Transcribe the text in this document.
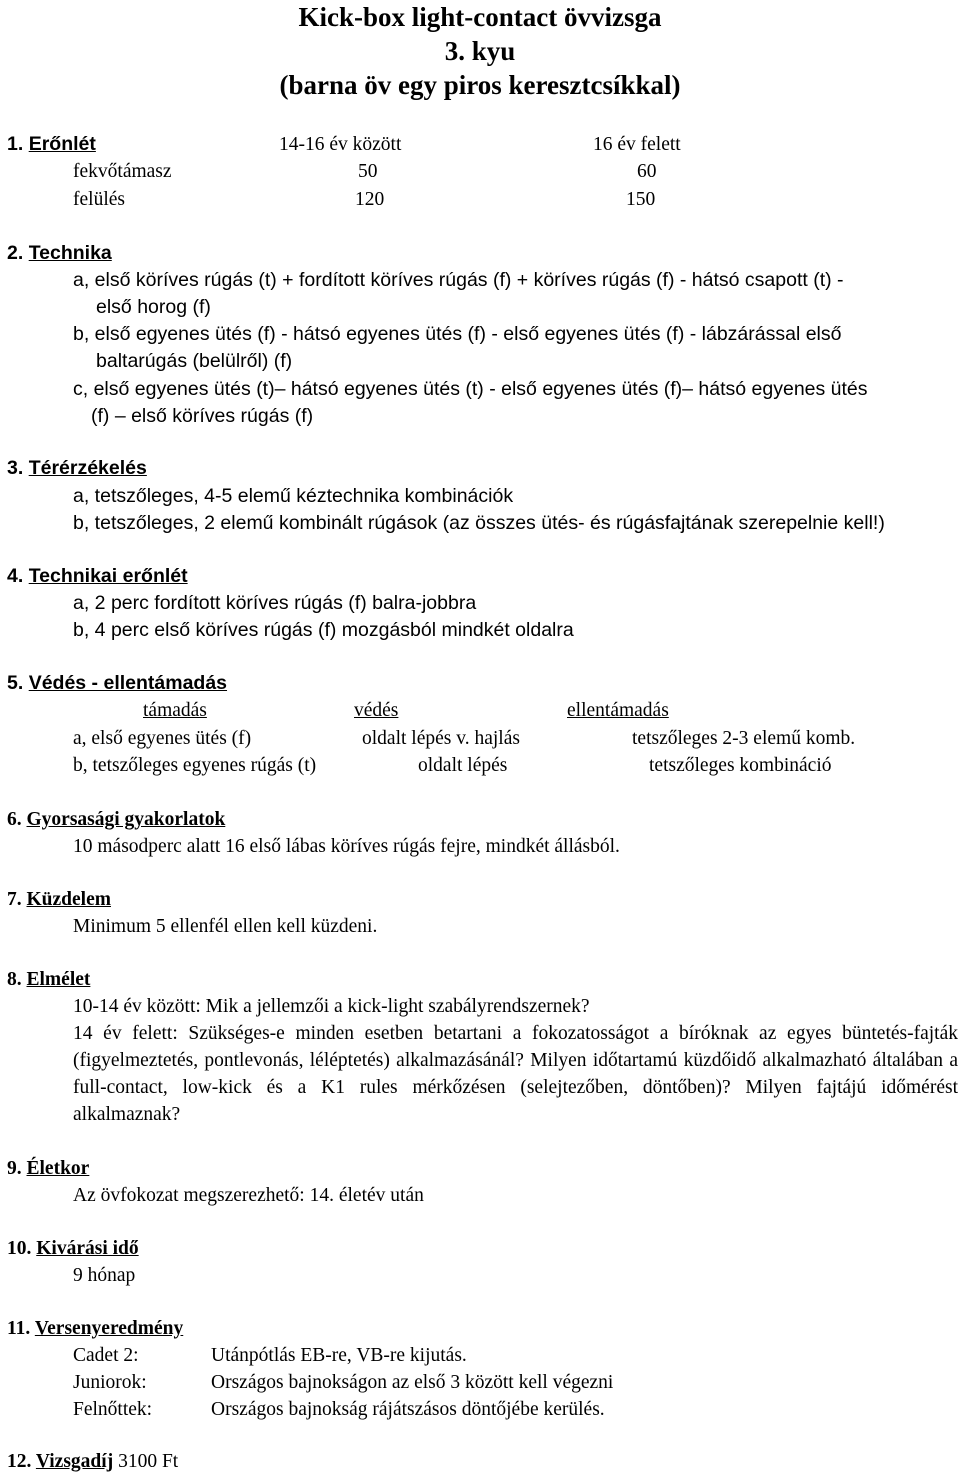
Kick-box light-contact övvizsga
3. kyu
(barna öv egy piros keresztcsíkkal)
1. Erőnlét	14-16 év között	16 év felett
fekvőtámasz	50	60
felülés	120	150
2. Technika
a, első köríves rúgás (t) + fordított köríves rúgás (f) + köríves rúgás (f) - hátsó csapott (t) -
első horog (f)
b, első egyenes ütés (f) - hátsó egyenes ütés (f) - első egyenes ütés (f) - lábzárással első
baltarúgás (belülről) (f)
c, első egyenes ütés (t)– hátsó egyenes ütés (t) - első egyenes ütés (f)– hátsó egyenes ütés
(f) – első köríves rúgás (f)
3. Térérzékelés
a, tetszőleges, 4-5 elemű kéztechnika kombinációk
b, tetszőleges, 2 elemű kombinált rúgások (az összes ütés- és rúgásfajtának szerepelnie kell!)
4. Technikai erőnlét
a, 2 perc fordított köríves rúgás (f) balra-jobbra
b, 4 perc első köríves rúgás (f) mozgásból mindkét oldalra
5. Védés - ellentámadás
támadás	védés	ellentámadás
a, első egyenes ütés (f)	oldalt lépés v. hajlás	tetszőleges 2-3 elemű komb.
b, tetszőleges egyenes rúgás (t)	oldalt lépés	tetszőleges kombináció
6. Gyorsasági gyakorlatok
10 másodperc alatt 16 első lábas köríves rúgás fejre, mindkét állásból.
7. Küzdelem
Minimum 5 ellenfél ellen kell küzdeni.
8. Elmélet
10-14 év között: Mik a jellemzői a kick-light szabályrendszernek?
14 év felett: Szükséges-e minden esetben betartani a fokozatosságot a bíróknak az egyes büntetés-fajták (figyelmeztetés, pontlevonás, léléptetés) alkalmazásánál? Milyen időtartamú küzdőidő alkalmazható általában a full-contact, low-kick és a K1 rules mérkőzésen (selejtezőben, döntőben)? Milyen fajtájú időmérést alkalmaznak?
9. Életkor
Az övfokozat megszerezhető: 14. életév után
10. Kivárási idő
9 hónap
11. Versenyeredmény
Cadet 2:	Utánpótlás EB-re, VB-re kijutás.
Juniorok:	Országos bajnokságon az első 3 között kell végezni
Felnőttek:	Országos bajnokság rájátszásos döntőjébe kerülés.
12. Vizsgadíj 3100 Ft
